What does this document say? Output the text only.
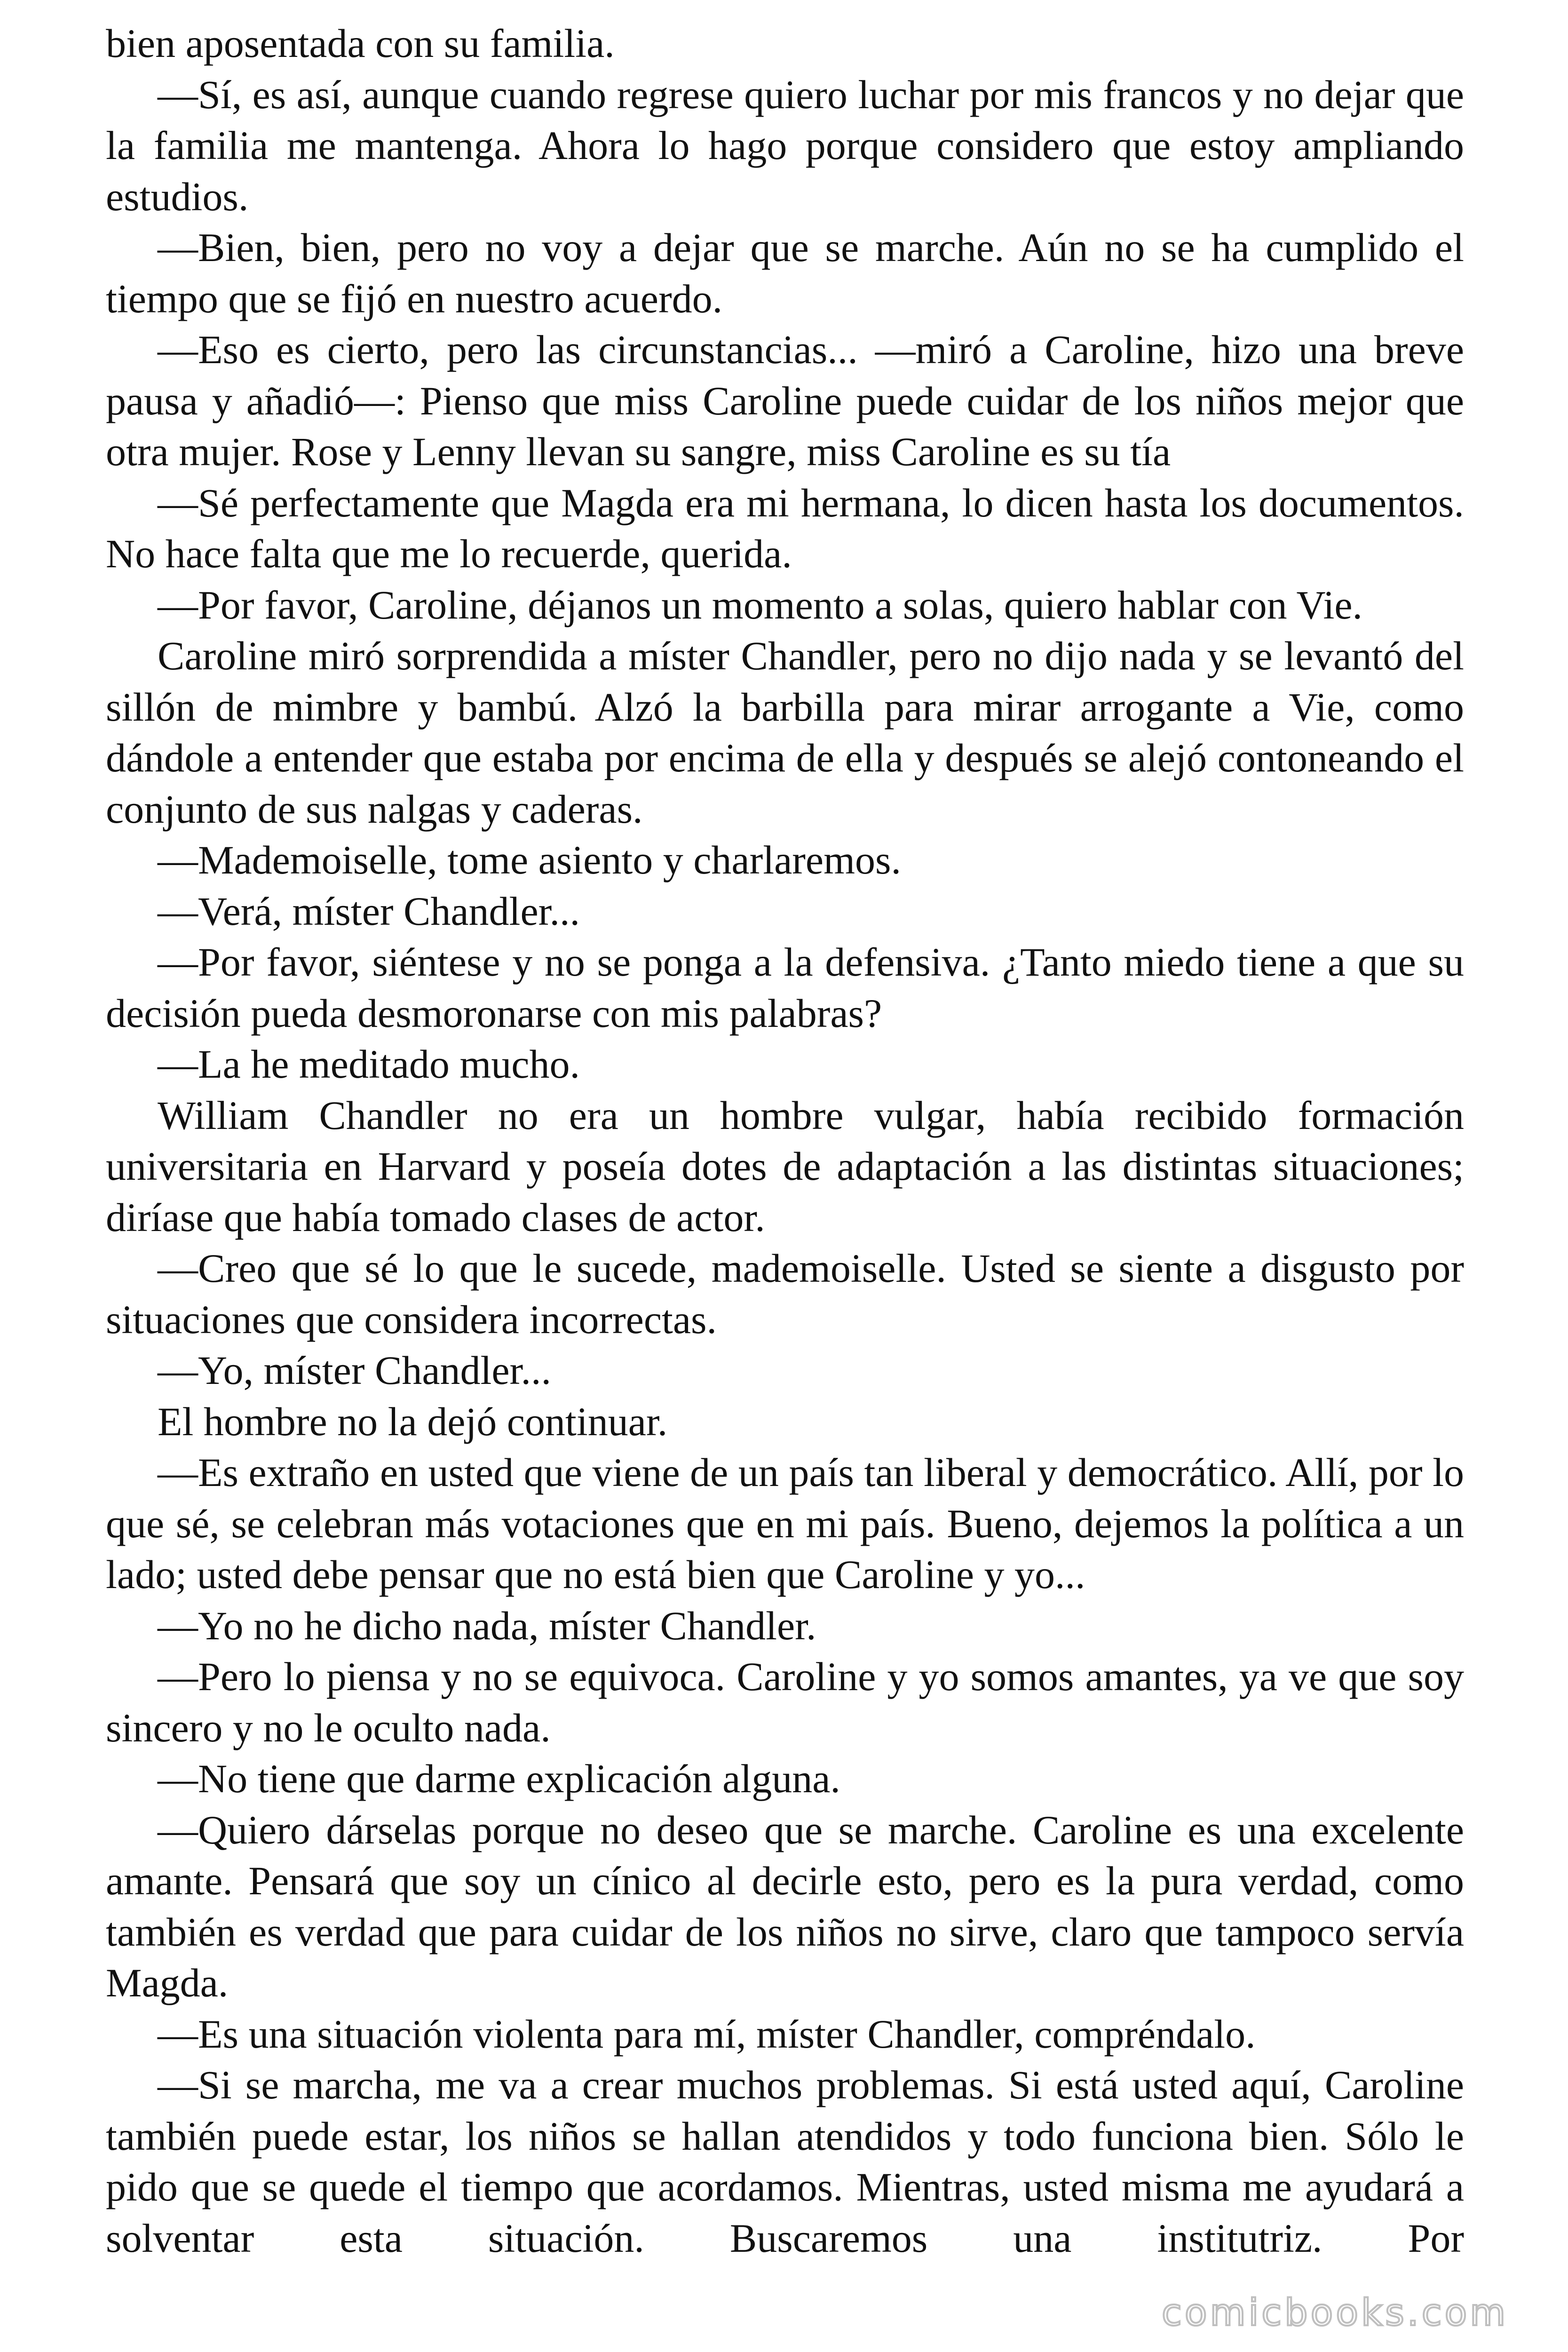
bien aposentada con su familia.

—Sí, es así, aunque cuando regrese quiero luchar por mis francos y no dejar que la familia me mantenga. Ahora lo hago porque considero que estoy ampliando estudios.

—Bien, bien, pero no voy a dejar que se marche. Aún no se ha cumplido el tiempo que se fijó en nuestro acuerdo.

—Eso es cierto, pero las circunstancias... —miró a Caroline, hizo una breve pausa y añadió—: Pienso que miss Caroline puede cuidar de los niños mejor que otra mujer. Rose y Lenny llevan su sangre, miss Caroline es su tía

—Sé perfectamente que Magda era mi hermana, lo dicen hasta los documentos. No hace falta que me lo recuerde, querida.

—Por favor, Caroline, déjanos un momento a solas, quiero hablar con Vie.

Caroline miró sorprendida a míster Chandler, pero no dijo nada y se levantó del sillón de mimbre y bambú. Alzó la barbilla para mirar arrogante a Vie, como dándole a entender que estaba por encima de ella y después se alejó contoneando el conjunto de sus nalgas y caderas.

—Mademoiselle, tome asiento y charlaremos.

—Verá, míster Chandler...

—Por favor, siéntese y no se ponga a la defensiva. ¿Tanto miedo tiene a que su decisión pueda desmoronarse con mis palabras?

—La he meditado mucho.

William Chandler no era un hombre vulgar, había recibido formación universitaria en Harvard y poseía dotes de adaptación a las distintas situaciones; diríase que había tomado clases de actor.

—Creo que sé lo que le sucede, mademoiselle. Usted se siente a disgusto por situaciones que considera incorrectas.

—Yo, míster Chandler...

El hombre no la dejó continuar.

—Es extraño en usted que viene de un país tan liberal y democrático. Allí, por lo que sé, se celebran más votaciones que en mi país. Bueno, dejemos la política a un lado; usted debe pensar que no está bien que Caroline y yo...

—Yo no he dicho nada, míster Chandler.

—Pero lo piensa y no se equivoca. Caroline y yo somos amantes, ya ve que soy sincero y no le oculto nada.

—No tiene que darme explicación alguna.

—Quiero dárselas porque no deseo que se marche. Caroline es una excelente amante. Pensará que soy un cínico al decirle esto, pero es la pura verdad, como también es verdad que para cuidar de los niños no sirve, claro que tampoco servía Magda.

—Es una situación violenta para mí, míster Chandler, compréndalo.

—Si se marcha, me va a crear muchos problemas. Si está usted aquí, Caroline también puede estar, los niños se hallan atendidos y todo funciona bien. Sólo le pido que se quede el tiempo que acordamos. Mientras, usted misma me ayudará a solventar esta situación. Buscaremos una institutriz. Por

comicbooks.com
